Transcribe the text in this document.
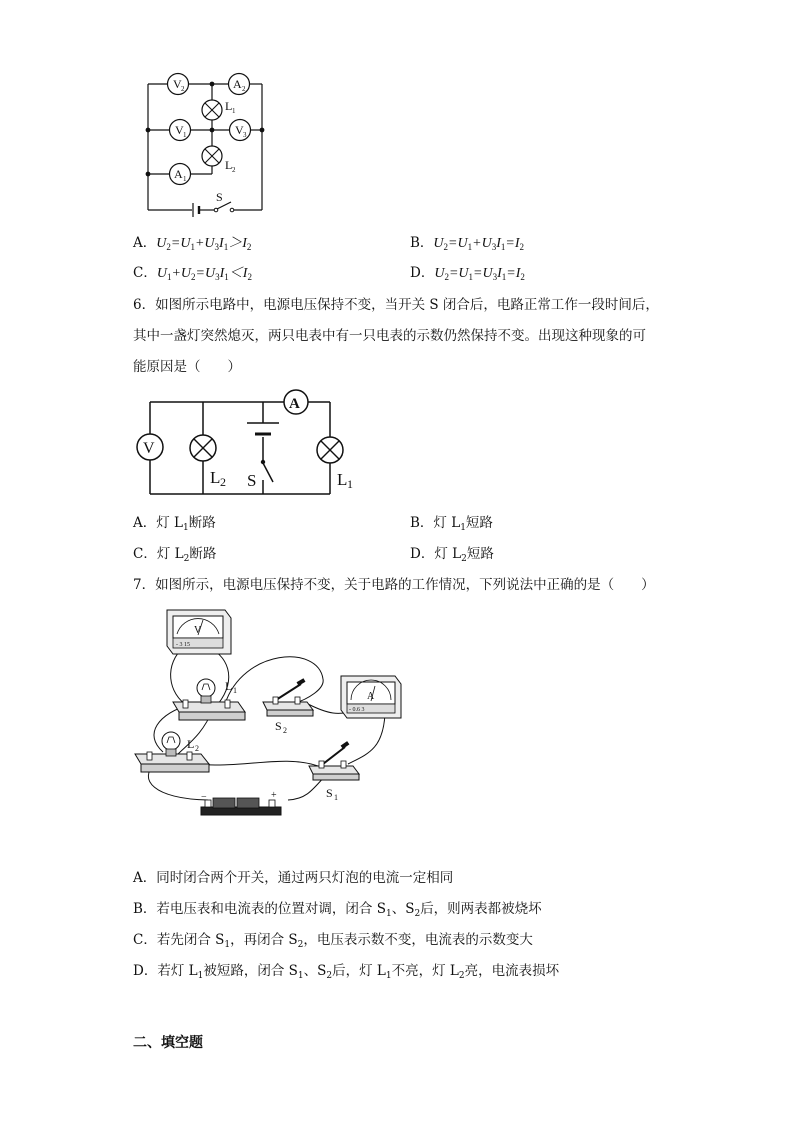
V 2	A 2
V 1	V 3
A 1
L 1
L 2
S
A．$U_2=U_1+U_3I_1>I_2$	B．$U_2=U_1+U_3I_1=I_2$
C．$U_1+U_2=U_3I_1<I_2$	D．$U_2=U_1=U_3I_1=I_2$
6．如图所示电路中，电源电压保持不变，当开关 S 闭合后，电路正常工作一段时间后，
其中一盏灯突然熄灭，两只电表中有一只电表的示数仍然保持不变。出现这种现象的可
能原因是（　　）
S
V
A
L 2	L 1
A．灯 $L_1$断路	B．灯 $L_1$短路
C．灯 $L_2$断路	D．灯 $L_2$短路
7．如图所示，电源电压保持不变，关于电路的工作情况，下列说法中正确的是（　　）
V
- 3 15
L 1
S 2
A
- 0.6 3
L 2
S 1
−	+
A．同时闭合两个开关，通过两只灯泡的电流一定相同
B．若电压表和电流表的位置对调，闭合 $S_1$、$S_2$后，则两表都被烧坏
C．若先闭合 $S_1$，再闭合 $S_2$，电压表示数不变，电流表的示数变大
D．若灯 $L_1$被短路，闭合 $S_1$、$S_2$后，灯 $L_1$不亮，灯 $L_2$亮，电流表损坏
二、填空题
